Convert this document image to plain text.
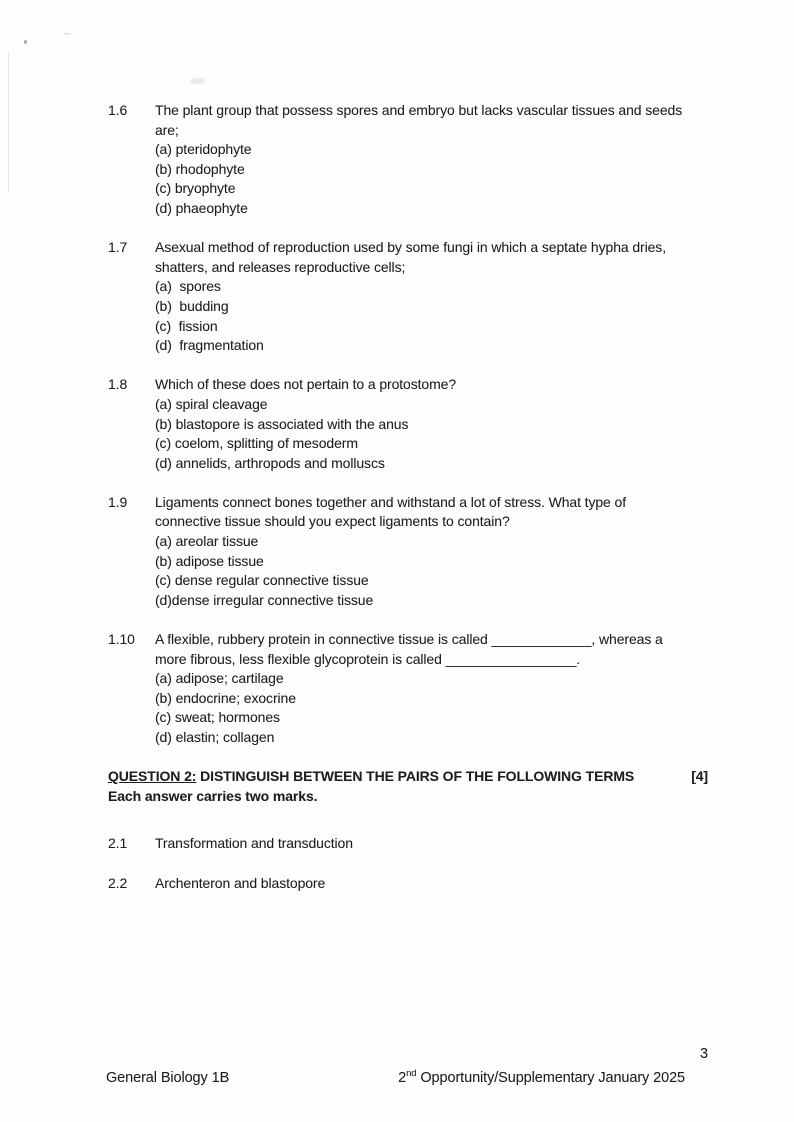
1.6	The plant group that possess spores and embryo but lacks vascular tissues and seeds
are;
(a) pteridophyte
(b) rhodophyte
(c) bryophyte
(d) phaeophyte
1.7	Asexual method of reproduction used by some fungi in which a septate hypha dries,
shatters, and releases reproductive cells;
(a)  spores
(b)  budding
(c)  fission
(d)  fragmentation
1.8	Which of these does not pertain to a protostome?
(a) spiral cleavage
(b) blastopore is associated with the anus
(c) coelom, splitting of mesoderm
(d) annelids, arthropods and molluscs
1.9	Ligaments connect bones together and withstand a lot of stress. What type of
connective tissue should you expect ligaments to contain?
(a) areolar tissue
(b) adipose tissue
(c) dense regular connective tissue
(d)dense irregular connective tissue
1.10	A flexible, rubbery protein in connective tissue is called _____________, whereas a
more fibrous, less flexible glycoprotein is called _________________.
(a) adipose; cartilage
(b) endocrine; exocrine
(c) sweat; hormones
(d) elastin; collagen
QUESTION 2: DISTINGUISH BETWEEN THE PAIRS OF THE FOLLOWING TERMS	[4]
Each answer carries two marks.
2.1	Transformation and transduction
2.2	Archenteron and blastopore
3
General Biology 1B	2nd Opportunity/Supplementary January 2025
